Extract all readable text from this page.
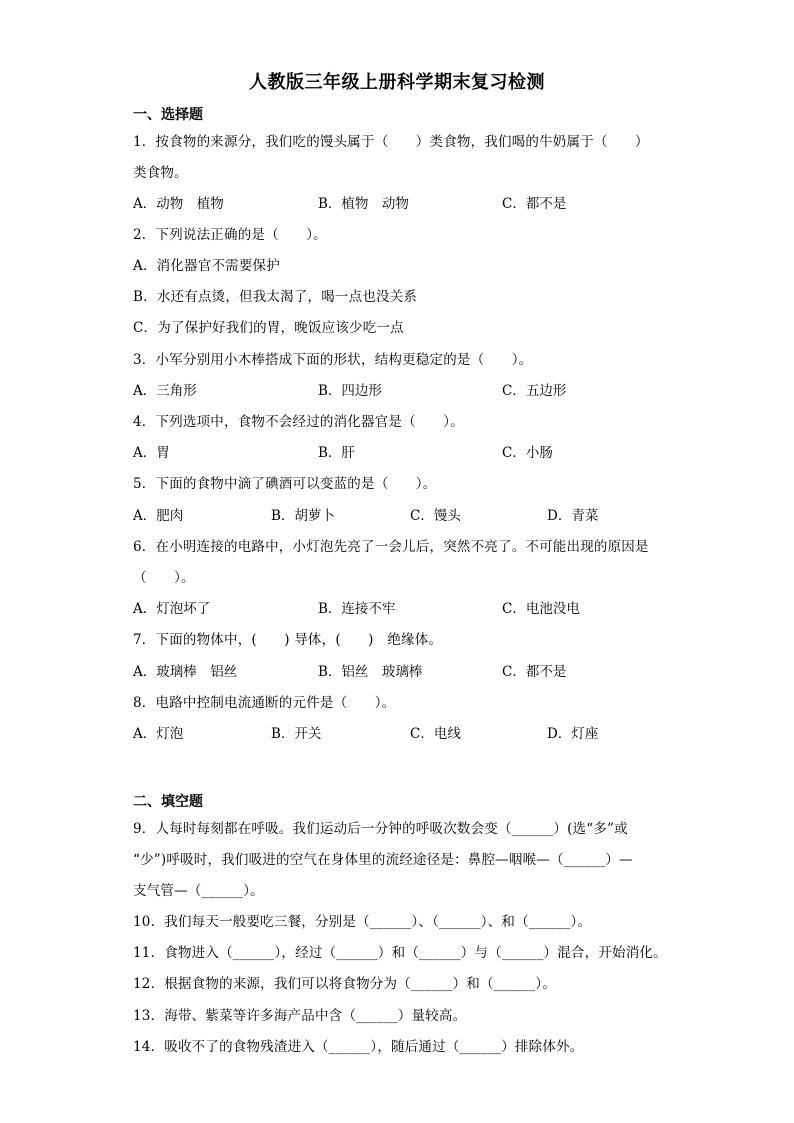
人教版三年级上册科学期末复习检测
一、选择题
1．按食物的来源分，我们吃的馒头属于（　　）类食物，我们喝的牛奶属于（　　）
类食物。
A．动物　植物	B．植物　动物	C．都不是
2．下列说法正确的是（　　）。
A．消化器官不需要保护
B．水还有点烫，但我太渴了，喝一点也没关系
C．为了保护好我们的胃，晚饭应该少吃一点
3．小军分别用小木棒搭成下面的形状，结构更稳定的是（　　）。
A．三角形	B．四边形	C．五边形
4．下列选项中，食物不会经过的消化器官是（　　）。
A．胃	B．肝	C．小肠
5．下面的食物中滴了碘酒可以变蓝的是（　　）。
A．肥肉	B．胡萝卜	C．馒头	D．青菜
6．在小明连接的电路中，小灯泡先亮了一会儿后，突然不亮了。不可能出现的原因是
（　　）。
A．灯泡坏了	B．连接不牢	C．电池没电
7．下面的物体中，(　　) 导体，(　　)　绝缘体。
A．玻璃棒　铝丝	B．铝丝　玻璃棒	C．都不是
8．电路中控制电流通断的元件是（　　）。
A．灯泡	B．开关	C．电线	D．灯座
二、填空题
9．人每时每刻都在呼吸。我们运动后一分钟的呼吸次数会变（______）(选“多”或
“少”)呼吸时，我们吸进的空气在身体里的流经途径是：鼻腔—咽喉—（______）—
支气管—（______）。
10．我们每天一般要吃三餐，分别是（______）、（______）、和（______）。
11．食物进入（______），经过（______）和（______）与（______）混合，开始消化。
12．根据食物的来源，我们可以将食物分为（______）和（______）。
13．海带、紫菜等许多海产品中含（______）量较高。
14．吸收不了的食物残渣进入（______），随后通过（______）排除体外。
